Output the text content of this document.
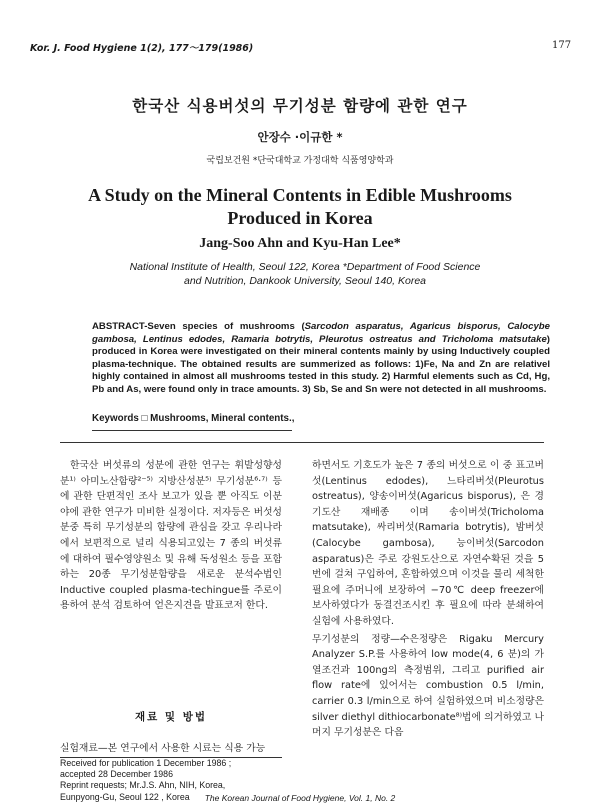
Kor. J. Food Hygiene 1(2), 177～179(1986)	177
한국산 식용버섯의 무기성분 함량에 관한 연구
안장수 ·이규한 *
국립보건원 *단국대학교 가정대학 식품영양학과
A Study on the Mineral Contents in Edible Mushrooms Produced in Korea
Jang-Soo Ahn and Kyu-Han Lee*
National Institute of Health, Seoul 122, Korea *Department of Food Science
and Nutrition, Dankook University, Seoul 140, Korea
ABSTRACT-Seven species of mushrooms (Sarcodon asparatus, Agaricus bisporus, Calocybe gambosa, Lentinus edodes, Ramaria botrytis, Pleurotus ostreatus and Tricholoma matsutake) produced in Korea were investigated on their mineral contents mainly by using Inductively coupled plasma-technique. The obtained results are summerized as follows: 1)Fe, Na and Zn are relativel highly contained in almost all mushrooms tested in this study. 2) Harmful elements such as Cd, Hg, Pb and As, were found only in trace amounts. 3) Sb, Se and Sn were not detected in all mushrooms.
Keywords □ Mushrooms, Mineral contents.,

한국산 버섯류의 성분에 관한 연구는 휘발성향성분¹⁾ 아미노산함량²⁻⁵⁾ 지방산성분⁵⁾ 무기성분⁶·⁷⁾ 등에 관한 단편적인 조사 보고가 있을 뿐 아직도 이분야에 관한 연구가 미비한 실정이다. 저자등은 버섯성분중 특히 무기성분의 함량에 관심을 갖고 우리나라에서 보편적으로 널리 식용되고있는 7 종의 버섯류에 대하여 필수영양원소 및 유해 독성원소 등을 포함하는 20종 무기성분함량을 새로운 분석수법인 Inductive coupled plasma-techingue를 주로이용하여 분석 검토하여 얻은지견을 발표코저 한다.

재료 및 방법
실험재료—본 연구에서 사용한 시료는 식용 가능
Received for publication 1 December 1986 ;
accepted 28 December 1986
Reprint requests; Mr.J.S. Ahn, NIH, Korea,
Eunpyong-Gu, Seoul 122 , Korea

하면서도 기호도가 높은 7 종의 버섯으로 이 중 표고버섯(Lentinus edodes), 느타리버섯(Pleurotus ostreatus), 양송이버섯(Agaricus bisporus), 은 경기도산 재배종 이며 송이버섯(Tricholoma matsutake), 싸리버섯(Ramaria botrytis), 밤버섯(Calocybe gambosa), 능이버섯(Sarcodon asparatus)은 주로 강원도산으로 자연수확된 것을 5 번에 걸쳐 구입하여, 혼합하였으며 이것을 물리 세척한 필요에 주머니에 보장하여 −70℃ deep freezer에 보사하였다가 동결건조시킨 후 필요에 따라 분쇄하여 실험에 사용하였다.

무기성분의 정량—수은정량은 Rigaku Mercury Analyzer S.P.를 사용하여 low mode(4, 6 분)의 가열조건과 100ng의 측정범위, 그리고 purified air flow rate에 있어서는 combustion 0.5 l/min, carrier 0.3 l/min으로 하여 실험하였으며 비소정량은 silver diethyl dithiocarbonate⁸⁾법에 의거하였고 나머지 무기성분은 다음

The Korean Journal of Food Hygiene, Vol. 1, No. 2
